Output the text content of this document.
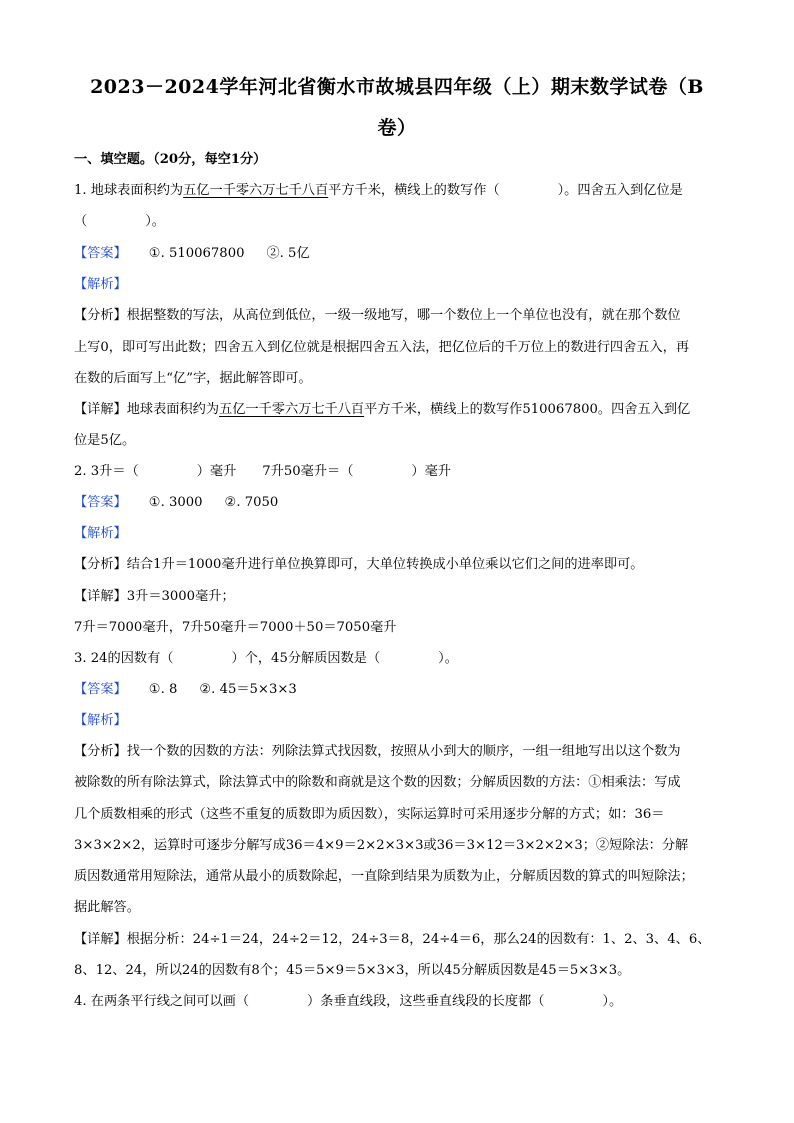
2023－2024学年河北省衡水市故城县四年级（上）期末数学试卷（B
卷）
一、填空题。（20分，每空1分）
1. 地球表面积约为五亿一千零六万七千八百平方千米，横线上的数写作（	）。四舍五入到亿位是
（	）。
【答案】 ①. 510067800 ②. 5亿
【解析】
【分析】根据整数的写法，从高位到低位，一级一级地写，哪一个数位上一个单位也没有，就在那个数位
上写0，即可写出此数；四舍五入到亿位就是根据四舍五入法，把亿位后的千万位上的数进行四舍五入，再
在数的后面写上“亿”字，据此解答即可。
【详解】地球表面积约为五亿一千零六万七千八百平方千米，横线上的数写作510067800。四舍五入到亿
位是5亿。
2. 3升＝（	）毫升 7升50毫升＝（	）毫升
【答案】 ①. 3000 ②. 7050
【解析】
【分析】结合1升＝1000毫升进行单位换算即可，大单位转换成小单位乘以它们之间的进率即可。
【详解】3升＝3000毫升；
7升＝7000毫升，7升50毫升＝7000＋50＝7050毫升
3. 24的因数有（	）个，45分解质因数是（	）。
【答案】 ①. 8 ②. 45＝5×3×3
【解析】
【分析】找一个数的因数的方法：列除法算式找因数，按照从小到大的顺序，一组一组地写出以这个数为
被除数的所有除法算式，除法算式中的除数和商就是这个数的因数；分解质因数的方法：①相乘法：写成
几个质数相乘的形式（这些不重复的质数即为质因数），实际运算时可采用逐步分解的方式；如：36＝
3×3×2×2，运算时可逐步分解写成36＝4×9＝2×2×3×3或36＝3×12＝3×2×2×3；②短除法：分解
质因数通常用短除法，通常从最小的质数除起，一直除到结果为质数为止，分解质因数的算式的叫短除法；
据此解答。
【详解】根据分析：24÷1＝24，24÷2＝12，24÷3＝8，24÷4＝6，那么24的因数有：1、2、3、4、6、
8、12、24，所以24的因数有8个；45＝5×9＝5×3×3，所以45分解质因数是45＝5×3×3。
4. 在两条平行线之间可以画（	）条垂直线段，这些垂直线段的长度都（	）。
